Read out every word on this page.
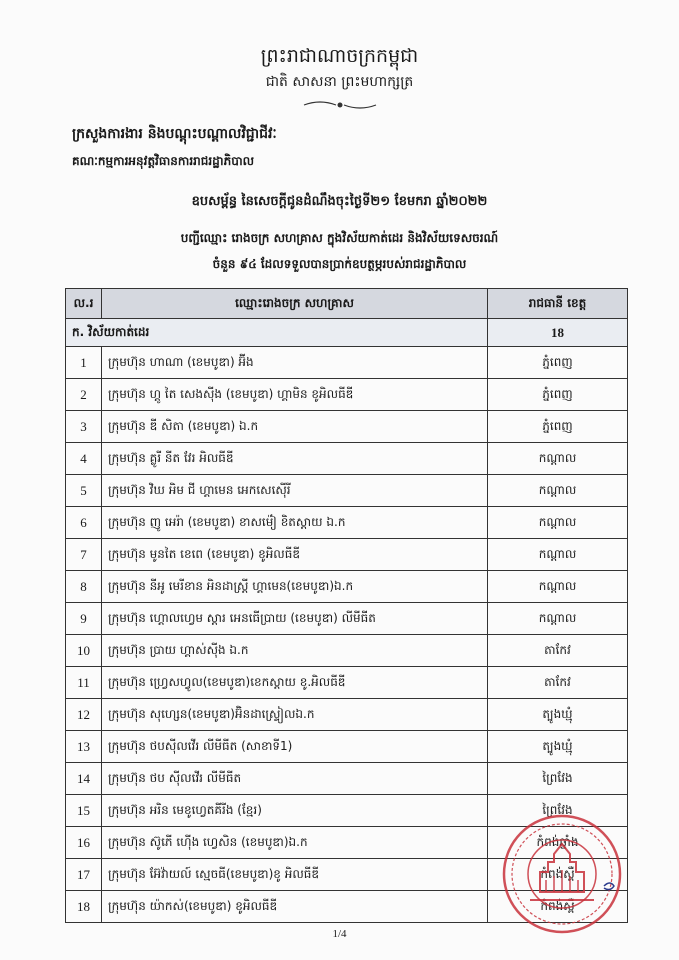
ព្រះរាជាណាចក្រកម្ពុជា
ជាតិ សាសនា ព្រះមហាក្សត្រ
ក្រសួងការងារ និងបណ្តុះបណ្តាលវិជ្ជាជីវៈ
គណៈកម្មការអនុវត្តវិធានការរាជរដ្ឋាភិបាល
ឧបសម្ព័ន្ធ នៃសេចក្តីជូនដំណឹងចុះថ្ងៃទី២១ ខែមករា ឆ្នាំ២០២២
បញ្ជីឈ្មោះ រោងចក្រ សហគ្រាស ក្នុងវិស័យកាត់ដេរ និងវិស័យទេសចរណ៍
ចំនួន ៩៤ ដែលទទួលបានប្រាក់ឧបត្ថម្ភរបស់រាជរដ្ឋាភិបាល
ល.រ	ឈ្មោះរោងចក្រ សហគ្រាស	រាជធានី ខេត្ត
ក. វិស័យកាត់ដេរ		18
1	ក្រុមហ៊ុន ហាណា (ខេមបូឌា) អ៊ីង	ភ្នំពេញ
2	ក្រុមហ៊ុន ហ្គូ តៃ សេងស៊ីង (ខេមបូឌា) ហ្គាមិន ខូអិលធីឌី	ភ្នំពេញ
3	ក្រុមហ៊ុន ឌី សិតា (ខេមបូឌា) ឯ.ក	ភ្នំពេញ
4	ក្រុមហ៊ុន គ្លូរី នីត វែរ អិលធីឌី	កណ្តាល
5	ក្រុមហ៊ុន វិឃ អិម ជី ហ្គាមេន អេកសេស៊ើរី	កណ្តាល
6	ក្រុមហ៊ុន ញូ អេរ៉ា (ខេមបូឌា) ខាសម៉ៀ ខិតស្ដាយ ឯ.ក	កណ្តាល
7	ក្រុមហ៊ុន មូនតៃ ខេពេ (ខេមបូឌា) ខូអិលធីឌី	កណ្តាល
8	ក្រុមហ៊ុន នីអូ មេរីខាន អិនដាស្ត្រី ហ្គាមេន(ខេមបូឌា)ឯ.ក	កណ្តាល
9	ក្រុមហ៊ុន ហ្គោលហ្វេម ស្តារ អេនធើប្រាយ (ខេមបូឌា) លីមីធីត	កណ្តាល
10	ក្រុមហ៊ុន ប្រាយ ហ្គាស់ស៊ីង ឯ.ក	តាកែវ
11	ក្រុមហ៊ុន ហ្វ្រេសហ្វូល(ខេមបូឌា)ខេកស្តាយ ខូ.អិលធីឌី	តាកែវ
12	ក្រុមហ៊ុន សុហ្សេន(ខេមបូឌា)អ៊ិនដាស្ទ្រៀលឯ.ក	ត្បូងឃ្មុំ
13	ក្រុមហ៊ុន ថបស៊ីលវើរ លីមីធីត (សាខាទី1)	ត្បូងឃ្មុំ
14	ក្រុមហ៊ុន ថប ស៊ីលវើរ លីមីធីត	ព្រៃវែង
15	ក្រុមហ៊ុន អរិន មេខូហ្វេតគីរីង (ខ្មែរ)	ព្រៃវែង
16	ក្រុមហ៊ុន ស៊ូភើ ហ៊ើង ហ្វេសិន (ខេមបូឌា)ឯ.ក	កំពង់ឆ្នាំង
17	ក្រុមហ៊ុន អ៊ែវ៉ាយល៍ ស្មេចធី(ខេមបូឌា)ខូ អិលធីឌី	កំពង់ស្ពឺ
18	ក្រុមហ៊ុន យ៉ាកស់(ខេមបូឌា) ខូអិលធីឌី	កំពង់ស្ពឺ
1/4
